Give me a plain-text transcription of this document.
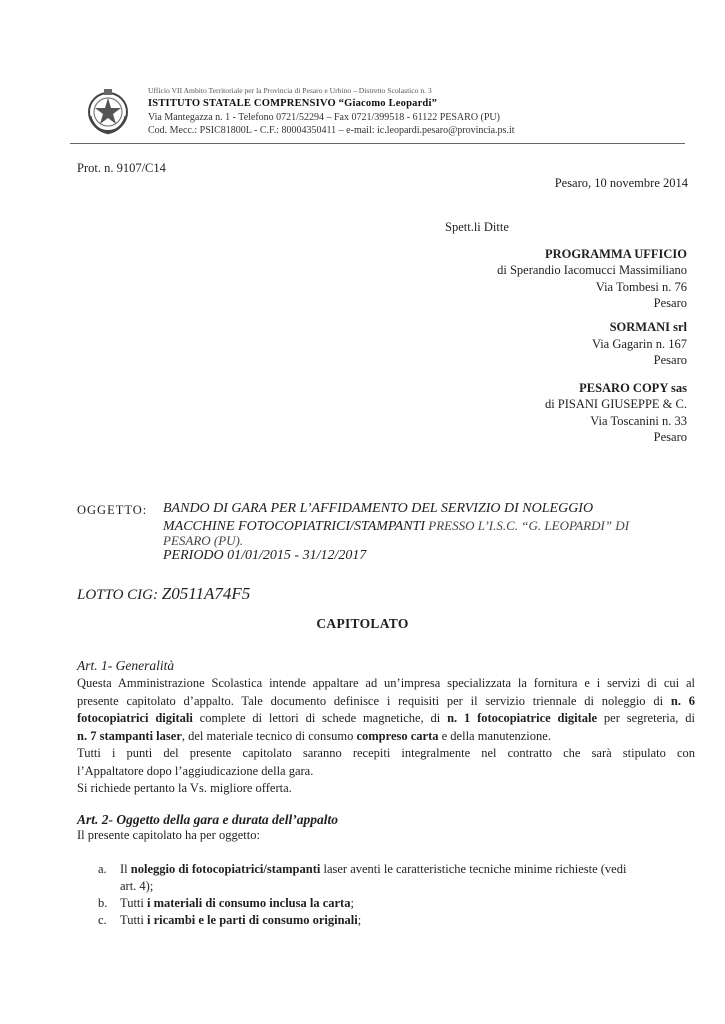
Ufficio VII Ambito Territoriale per la Provincia di Pesaro e Urbino – Distretto Scolastico n. 3
ISTITUTO STATALE COMPRENSIVO “Giacomo Leopardi”
Via Mantegazza n. 1 - Telefono 0721/52294 – Fax 0721/399518 - 61122 PESARO (PU)
Cod. Mecc.: PSIC81800L - C.F.: 80004350411 – e-mail: ic.leopardi.pesaro@provincia.ps.it
Prot. n. 9107/C14
Pesaro, 10 novembre 2014
Spett.li Ditte
PROGRAMMA UFFICIO
di Sperandio Iacomucci Massimiliano
Via Tombesi n. 76
Pesaro
SORMANI srl
Via Gagarin n. 167
Pesaro
PESARO COPY sas
di PISANI GIUSEPPE & C.
Via Toscanini n. 33
Pesaro
OGGETTO: BANDO DI GARA PER L’AFFIDAMENTO DEL SERVIZIO DI NOLEGGIO
MACCHINE FOTOCOPIATRICI/STAMPANTI PRESSO L’I.S.C. “G. LEOPARDI” DI
PESARO (PU).
PERIODO 01/01/2015 - 31/12/2017
LOTTO CIG: Z0511A74F5
CAPITOLATO
Art. 1- Generalità
Questa Amministrazione Scolastica intende appaltare ad un’impresa specializzata la fornitura e i servizi di cui al
presente capitolato d’appalto. Tale documento definisce i requisiti per il servizio triennale di noleggio di n. 6
fotocopiatrici digitali complete di lettori di schede magnetiche, di n. 1 fotocopiatrice digitale per segreteria, di
n. 7 stampanti laser, del materiale tecnico di consumo compreso carta e della manutenzione.
Tutti i punti del presente capitolato saranno recepiti integralmente nel contratto che sarà stipulato con
l’Appaltatore dopo l’aggiudicazione della gara.
Si richiede pertanto la Vs. migliore offerta.
Art. 2- Oggetto della gara e durata dell’appalto
Il presente capitolato ha per oggetto:
a. Il noleggio di fotocopiatrici/stampanti laser aventi le caratteristiche tecniche minime richieste (vedi
art. 4);
b. Tutti i materiali di consumo inclusa la carta;
c. Tutti i ricambi e le parti di consumo originali;
